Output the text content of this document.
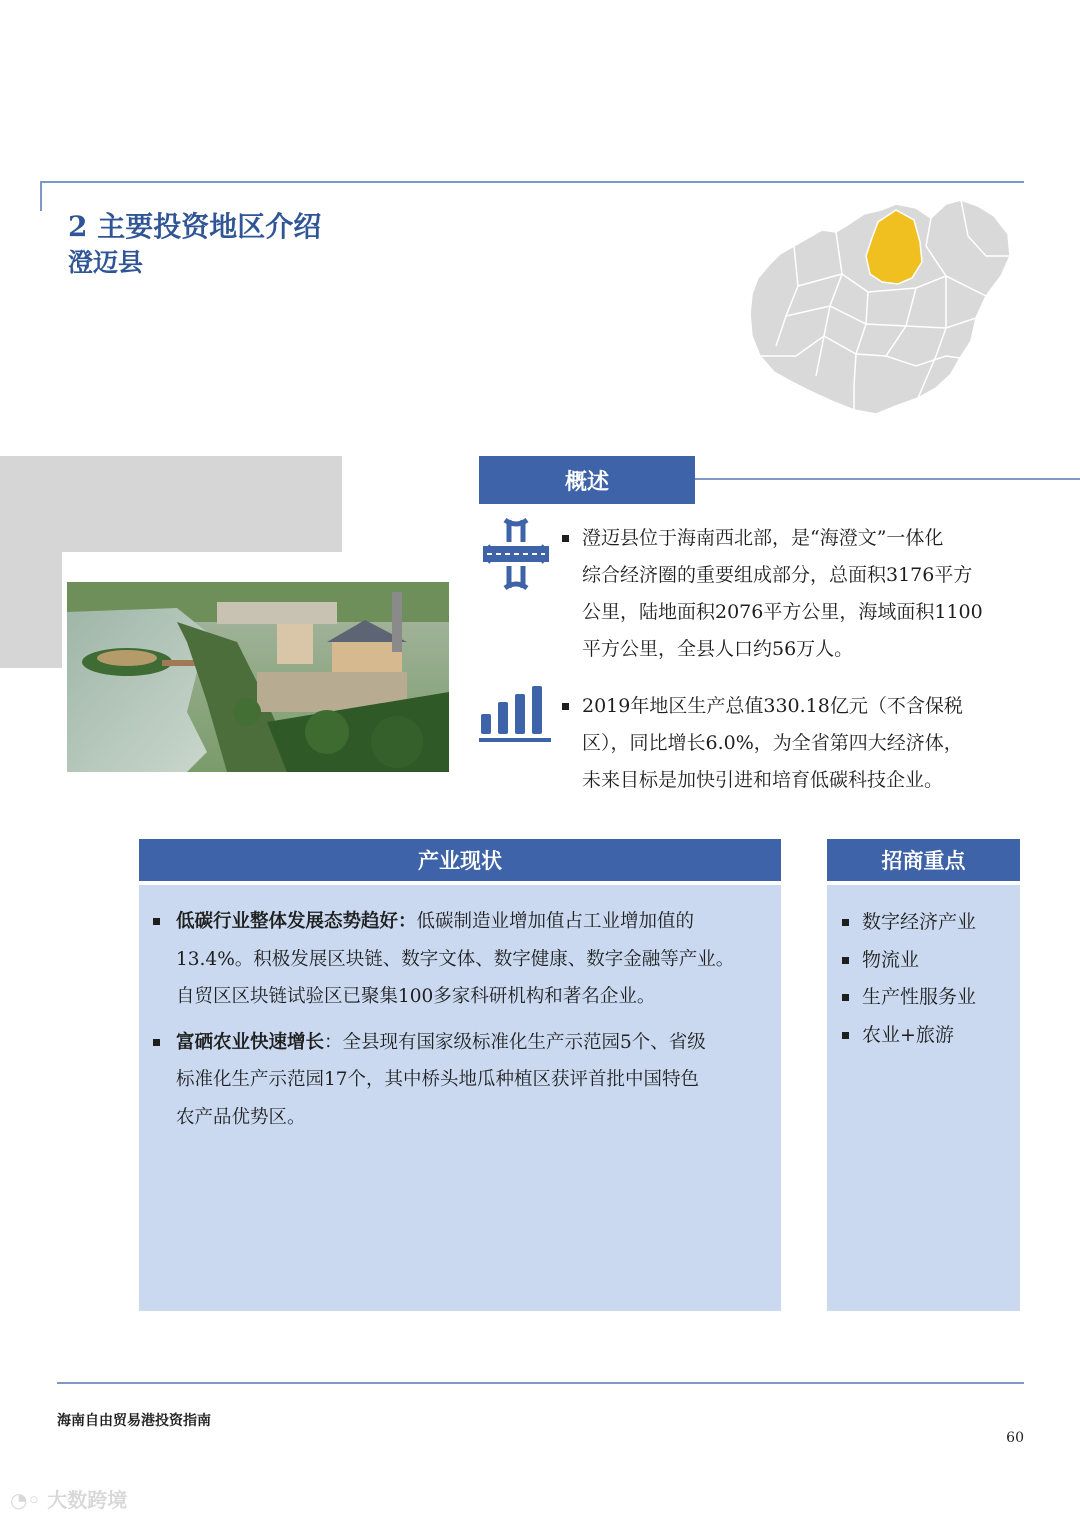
2 主要投资地区介绍
澄迈县
概述
澄迈县位于海南西北部，是“海澄文”一体化
综合经济圈的重要组成部分，总面积3176平方
公里，陆地面积2076平方公里，海域面积1100
平方公里，全县人口约56万人。
2019年地区生产总值330.18亿元（不含保税
区），同比增长6.0%，为全省第四大经济体，
未来目标是加快引进和培育低碳科技企业。
产业现状
低碳行业整体发展态势趋好：低碳制造业增加值占工业增加值的
13.4%。积极发展区块链、数字文体、数字健康、数字金融等产业。
自贸区区块链试验区已聚集100多家科研机构和著名企业。
富硒农业快速增长：全县现有国家级标准化生产示范园5个、省级
标准化生产示范园17个，其中桥头地瓜种植区获评首批中国特色
农产品优势区。
招商重点
数字经济产业
物流业
生产性服务业
农业+旅游
海南自由贸易港投资指南
60
◔◦ 大数跨境
